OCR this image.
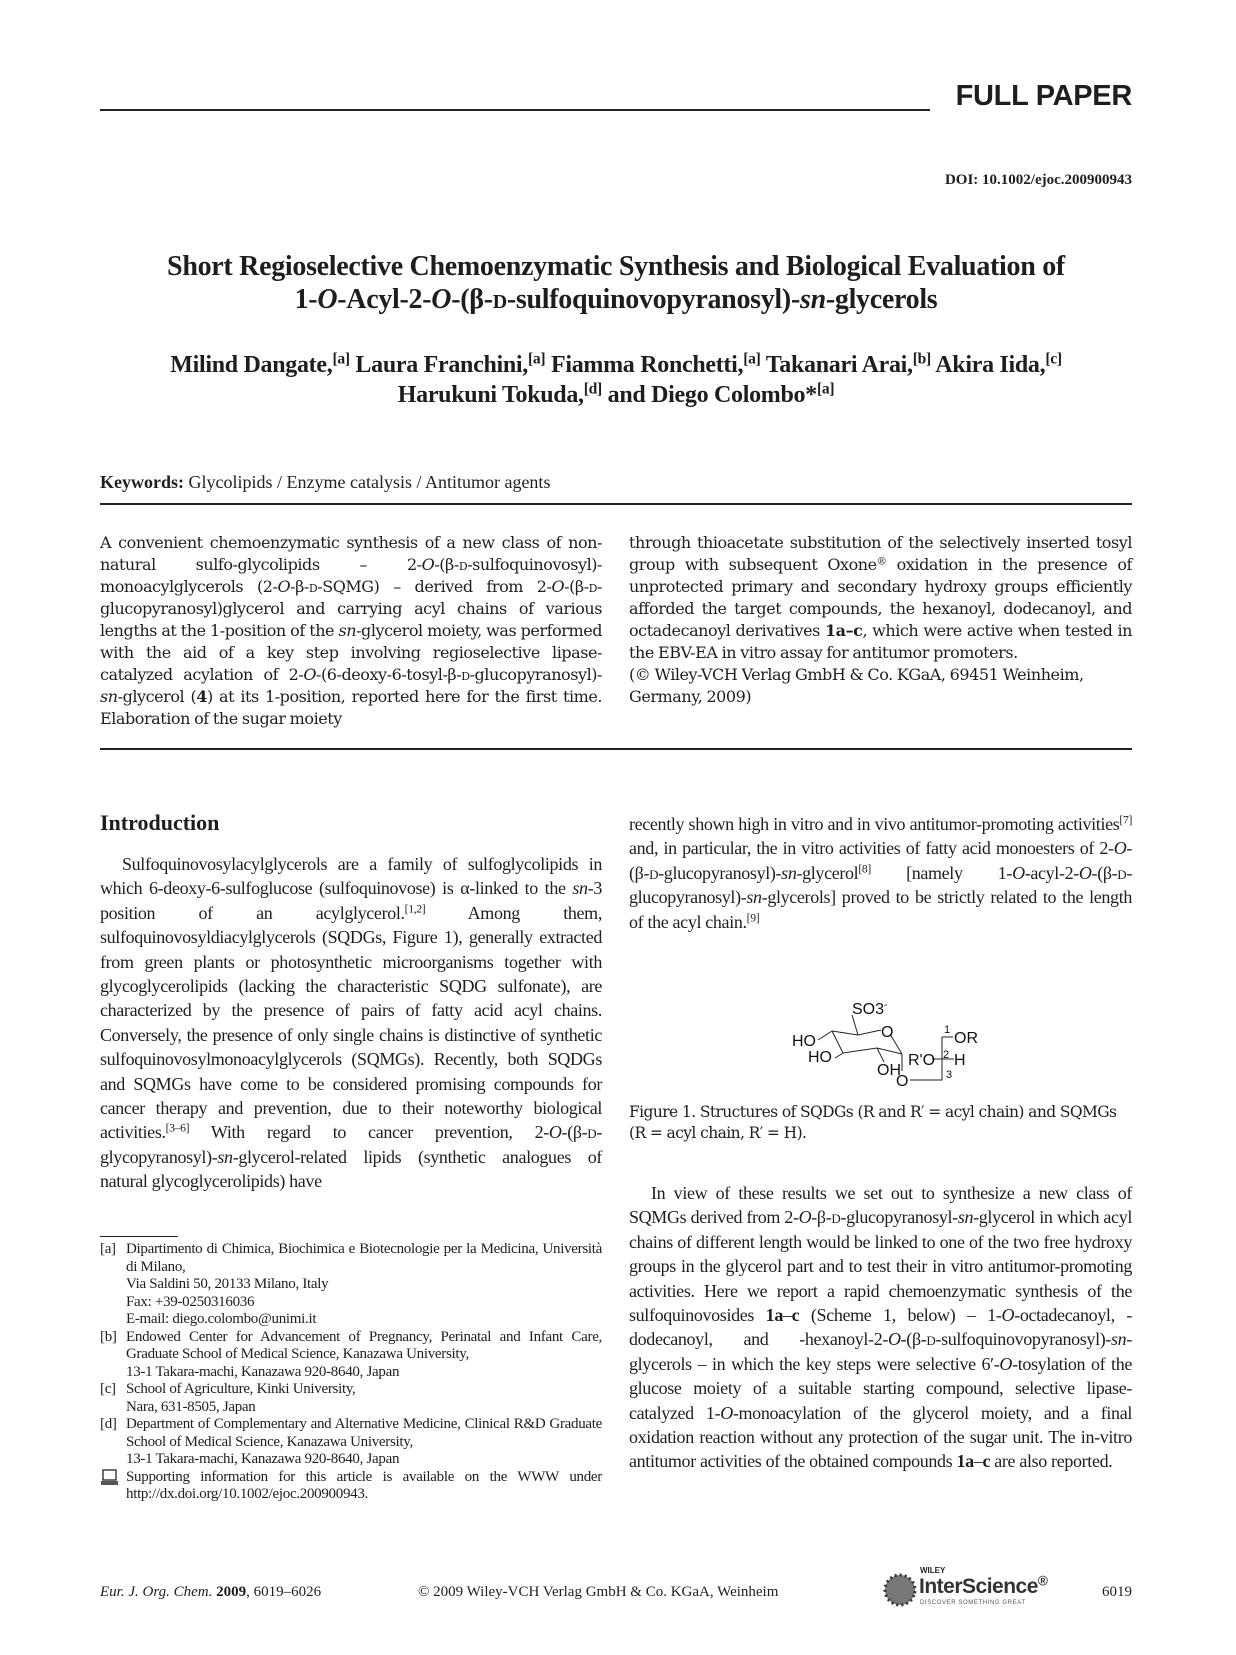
FULL PAPER
DOI: 10.1002/ejoc.200900943
Short Regioselective Chemoenzymatic Synthesis and Biological Evaluation of
1-O-Acyl-2-O-(β-d-sulfoquinovopyranosyl)-sn-glycerols
Milind Dangate,[a] Laura Franchini,[a] Fiamma Ronchetti,[a] Takanari Arai,[b] Akira Iida,[c]
Harukuni Tokuda,[d] and Diego Colombo*[a]
Keywords: Glycolipids / Enzyme catalysis / Antitumor agents
A convenient chemoenzymatic synthesis of a new class of non-natural sulfo-glycolipids – 2-O-(β-d-sulfoquinovosyl)-monoacylglycerols (2-O-β-d-SQMG) – derived from 2-O-(β-d-glucopyranosyl)glycerol and carrying acyl chains of various lengths at the 1-position of the sn-glycerol moiety, was performed with the aid of a key step involving regioselective lipase-catalyzed acylation of 2-O-(6-deoxy-6-tosyl-β-d-glucopyranosyl)-sn-glycerol (4) at its 1-position, reported here for the first time. Elaboration of the sugar moiety
through thioacetate substitution of the selectively inserted tosyl group with subsequent Oxone® oxidation in the presence of unprotected primary and secondary hydroxy groups efficiently afforded the target compounds, the hexanoyl, dodecanoyl, and octadecanoyl derivatives 1a–c, which were active when tested in the EBV-EA in vitro assay for antitumor promoters.
(© Wiley-VCH Verlag GmbH & Co. KGaA, 69451 Weinheim, Germany, 2009)
Introduction
Sulfoquinovosylacylglycerols are a family of sulfoglycolipids in which 6-deoxy-6-sulfoglucose (sulfoquinovose) is α-linked to the sn-3 position of an acylglycerol.[1,2] Among them, sulfoquinovosyldiacylglycerols (SQDGs, Figure 1), generally extracted from green plants or photosynthetic microorganisms together with glycoglycerolipids (lacking the characteristic SQDG sulfonate), are characterized by the presence of pairs of fatty acid acyl chains. Conversely, the presence of only single chains is distinctive of synthetic sulfoquinovosylmonoacylglycerols (SQMGs). Recently, both SQDGs and SQMGs have come to be considered promising compounds for cancer therapy and prevention, due to their noteworthy biological activities.[3–6] With regard to cancer prevention, 2-O-(β-d-glycopyranosyl)-sn-glycerol-related lipids (synthetic analogues of natural glycoglycerolipids) have
recently shown high in vitro and in vivo antitumor-promoting activities[7] and, in particular, the in vitro activities of fatty acid monoesters of 2-O-(β-d-glucopyranosyl)-sn-glycerol[8] [namely 1-O-acyl-2-O-(β-d-glucopyranosyl)-sn-glycerols] proved to be strictly related to the length of the acyl chain.[9]
SO3-
HO
HO
O
OH
O
R'O H
OR
1
2
3
Figure 1. Structures of SQDGs (R and R′ = acyl chain) and SQMGs (R = acyl chain, R′ = H).
In view of these results we set out to synthesize a new class of SQMGs derived from 2-O-β-d-glucopyranosyl-sn-glycerol in which acyl chains of different length would be linked to one of the two free hydroxy groups in the glycerol part and to test their in vitro antitumor-promoting activities. Here we report a rapid chemoenzymatic synthesis of the sulfoquinovosides 1a–c (Scheme 1, below) – 1-O-octadecanoyl, -dodecanoyl, and -hexanoyl-2-O-(β-d-sulfoquinovopyranosyl)-sn-glycerols – in which the key steps were selective 6′-O-tosylation of the glucose moiety of a suitable starting compound, selective lipase-catalyzed 1-O-monoacylation of the glycerol moiety, and a final oxidation reaction without any protection of the sugar unit. The in-vitro antitumor activities of the obtained compounds 1a–c are also reported.
[a] Dipartimento di Chimica, Biochimica e Biotecnologie per la Medicina, Università di Milano,
Via Saldini 50, 20133 Milano, Italy
Fax: +39-0250316036
E-mail: diego.colombo@unimi.it
[b] Endowed Center for Advancement of Pregnancy, Perinatal and Infant Care, Graduate School of Medical Science, Kanazawa University,
13-1 Takara-machi, Kanazawa 920-8640, Japan
[c] School of Agriculture, Kinki University,
Nara, 631-8505, Japan
[d] Department of Complementary and Alternative Medicine, Clinical R&D Graduate School of Medical Science, Kanazawa University,
13-1 Takara-machi, Kanazawa 920-8640, Japan
Supporting information for this article is available on the WWW under http://dx.doi.org/10.1002/ejoc.200900943.
Eur. J. Org. Chem. 2009, 6019–6026	© 2009 Wiley-VCH Verlag GmbH & Co. KGaA, Weinheim
WILEY
InterScience®
DISCOVER SOMETHING GREAT
6019
